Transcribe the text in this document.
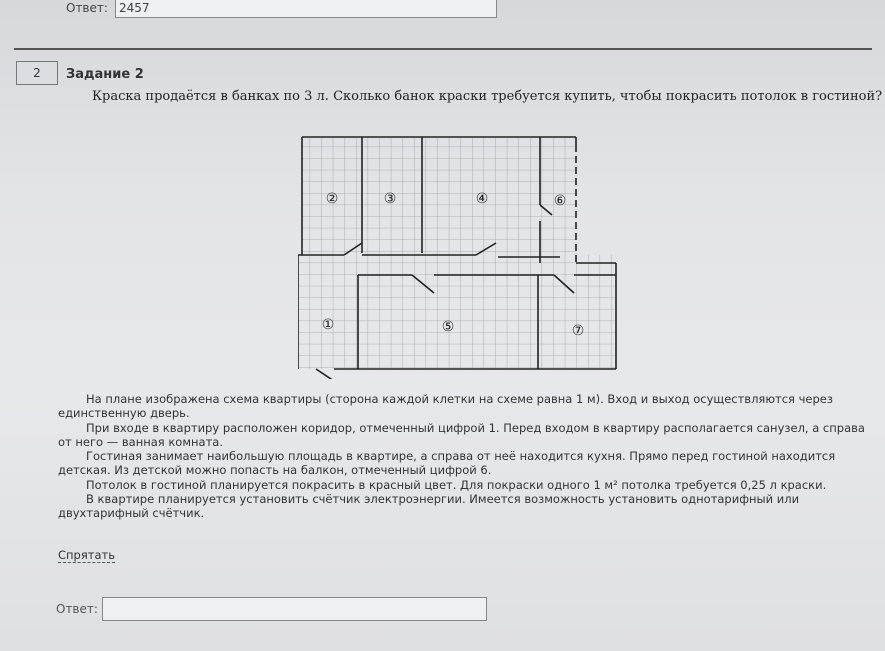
Ответ: 2457
2	Задание 2
Краска продаётся в банках по 3 л. Сколько банок краски требуется купить, чтобы покрасить потолок в гостиной?
①
②	③	④
⑤
⑥
⑦

На плане изображена схема квартиры (сторона каждой клетки на схеме равна 1 м). Вход и выход осуществляются через единственную дверь.

При входе в квартиру расположен коридор, отмеченный цифрой 1. Перед входом в квартиру располагается санузел, а справа от него — ванная комната.

Гостиная занимает наибольшую площадь в квартире, а справа от неё находится кухня. Прямо перед гостиной находится детская. Из детской можно попасть на балкон, отмеченный цифрой 6.

Потолок в гостиной планируется покрасить в красный цвет. Для покраски одного 1 м² потолка требуется 0,25 л краски.

В квартире планируется установить счётчик электроэнергии. Имеется возможность установить однотарифный или двухтарифный счётчик.

Спрятать
Ответ:
